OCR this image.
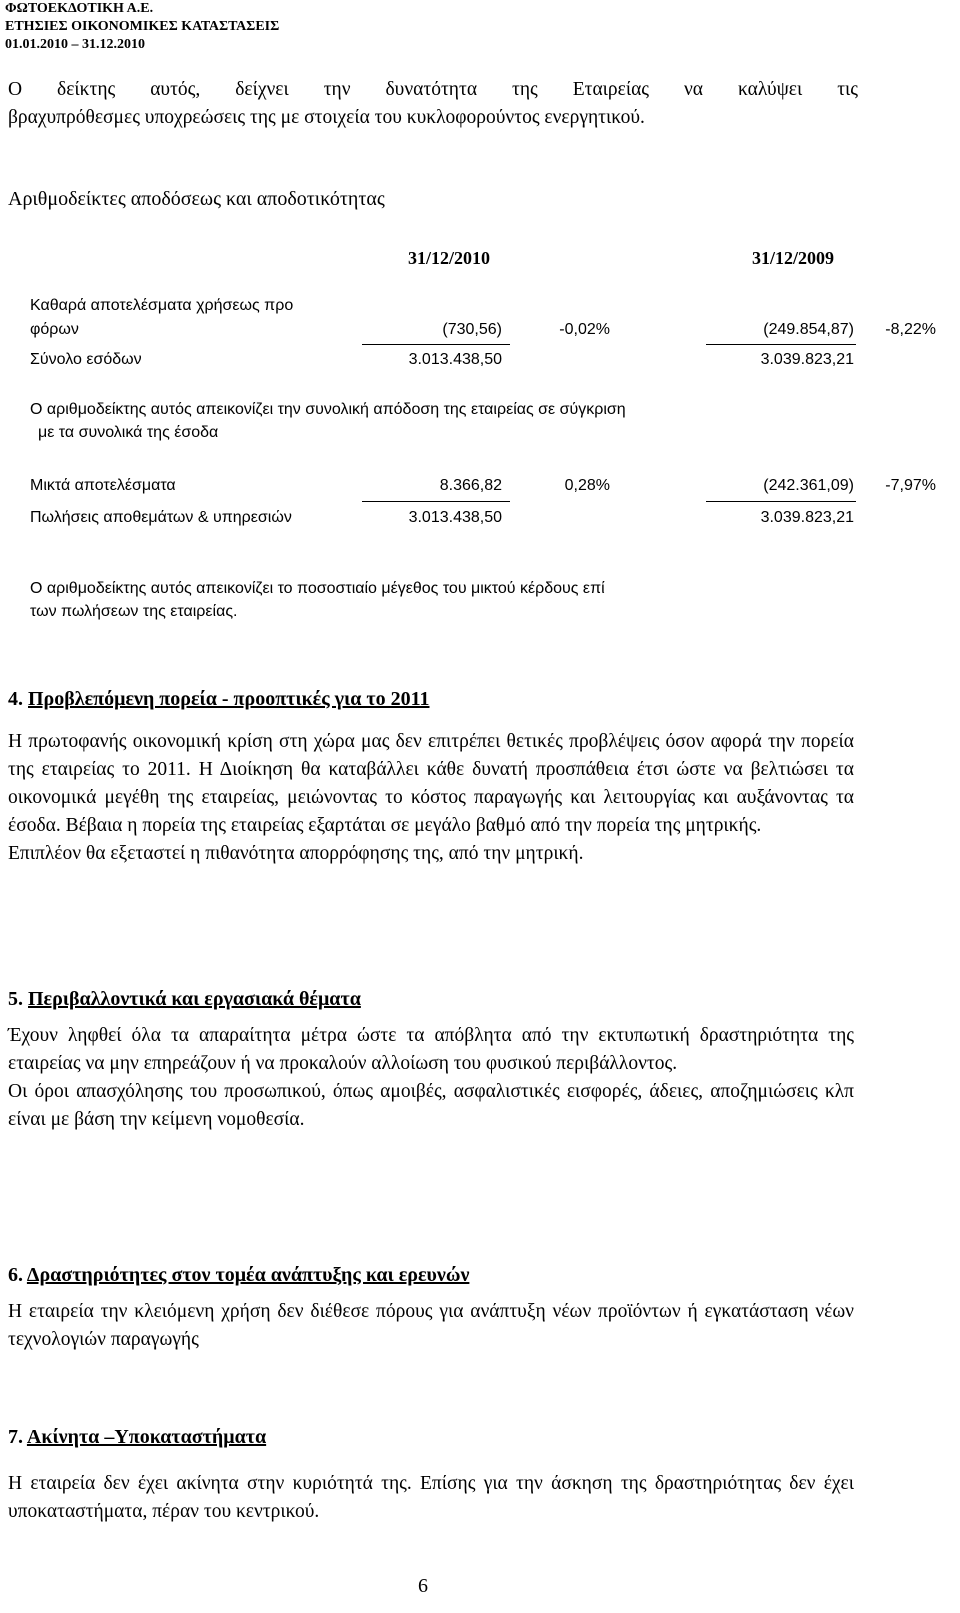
ΦΩΤΟΕΚΔΟΤΙΚΗ Α.Ε.
ΕΤΗΣΙΕΣ ΟΙΚΟΝΟΜΙΚΕΣ ΚΑΤΑΣΤΑΣΕΙΣ
01.01.2010 – 31.12.2010
Ο δείκτης αυτός, δείχνει την δυνατότητα της Εταιρείας να καλύψει τις
βραχυπρόθεσμες υποχρεώσεις της με στοιχεία του κυκλοφορούντος ενεργητικού.
Αριθμοδείκτες αποδόσεως και αποδοτικότητας
31/12/2010	31/12/2009
Καθαρά αποτελέσματα χρήσεως προ
φόρων	(730,56)	-0,02%	(249.854,87) -8,22%
Σύνολο εσόδων	3.013.438,50	3.039.823,21
Ο αριθμοδείκτης αυτός απεικονίζει την συνολική απόδοση της εταιρείας σε σύγκριση
με τα συνολικά της έσοδα
Μικτά αποτελέσματα	8.366,82	0,28%	(242.361,09) -7,97%
Πωλήσεις αποθεμάτων & υπηρεσιών	3.013.438,50	3.039.823,21
Ο αριθμοδείκτης αυτός απεικονίζει το ποσοστιαίο μέγεθος του μικτού κέρδους επί
των πωλήσεων της εταιρείας.
4. Προβλεπόμενη πορεία - προοπτικές για το 2011

Η πρωτοφανής οικονομική κρίση στη χώρα μας δεν επιτρέπει θετικές προβλέψεις όσον αφορά την πορεία της εταιρείας το 2011. Η Διοίκηση θα καταβάλλει κάθε δυνατή προσπάθεια έτσι ώστε να βελτιώσει τα οικονομικά μεγέθη της εταιρείας, μειώνοντας το κόστος παραγωγής και λειτουργίας και αυξάνοντας τα έσοδα. Βέβαια η πορεία της εταιρείας εξαρτάται σε μεγάλο βαθμό από την πορεία της μητρικής.

Επιπλέον θα εξεταστεί η πιθανότητα απορρόφησης της, από την μητρική.

5. Περιβαλλοντικά και εργασιακά θέματα

Έχουν ληφθεί όλα τα απαραίτητα μέτρα ώστε τα απόβλητα από την εκτυπωτική δραστηριότητα της εταιρείας να μην επηρεάζουν ή να προκαλούν αλλοίωση του φυσικού περιβάλλοντος.

Οι όροι απασχόλησης του προσωπικού, όπως αμοιβές, ασφαλιστικές εισφορές, άδειες, αποζημιώσεις κλπ είναι με βάση την κείμενη νομοθεσία.

6. Δραστηριότητες στον τομέα ανάπτυξης και ερευνών

Η εταιρεία την κλειόμενη χρήση δεν διέθεσε πόρους για ανάπτυξη νέων προϊόντων ή εγκατάσταση νέων τεχνολογιών παραγωγής

7. Ακίνητα –Υποκαταστήματα

Η εταιρεία δεν έχει ακίνητα στην κυριότητά της. Επίσης για την άσκηση της δραστηριότητας δεν έχει υποκαταστήματα, πέραν του κεντρικού.

6
